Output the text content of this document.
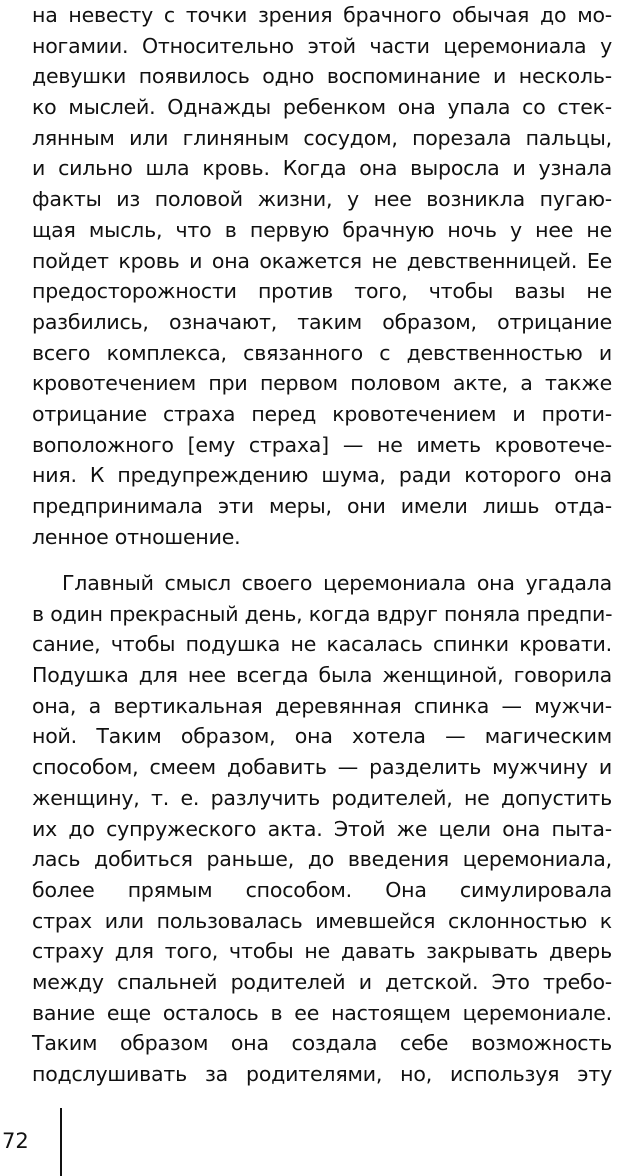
на невесту с точки зрения брачного обычая до мо-
ногамии. Относительно этой части церемониала у
девушки появилось одно воспоминание и несколь-
ко мыслей. Однажды ребенком она упала со стек-
лянным или глиняным сосудом, порезала пальцы,
и сильно шла кровь. Когда она выросла и узнала
факты из половой жизни, у нее возникла пугаю-
щая мысль, что в первую брачную ночь у нее не
пойдет кровь и она окажется не девственницей. Ее
предосторожности против того, чтобы вазы не
разбились, означают, таким образом, отрицание
всего комплекса, связанного с девственностью и
кровотечением при первом половом акте, а также
отрицание страха перед кровотечением и проти-
воположного [ему страха] — не иметь кровотече-
ния. К предупреждению шума, ради которого она
предпринимала эти меры, они имели лишь отда-
ленное отношение.
Главный смысл своего церемониала она угадала
в один прекрасный день, когда вдруг поняла предпи-
сание, чтобы подушка не касалась спинки кровати.
Подушка для нее всегда была женщиной, говорила
она, а вертикальная деревянная спинка — мужчи-
ной. Таким образом, она хотела — магическим
способом, смеем добавить — разделить мужчину и
женщину, т. е. разлучить родителей, не допустить
их до супружеского акта. Этой же цели она пыта-
лась добиться раньше, до введения церемониала,
более прямым способом. Она симулировала
страх или пользовалась имевшейся склонностью к
страху для того, чтобы не давать закрывать дверь
между спальней родителей и детской. Это требо-
вание еще осталось в ее настоящем церемониале.
Таким образом она создала себе возможность
подслушивать за родителями, но, используя эту
72
